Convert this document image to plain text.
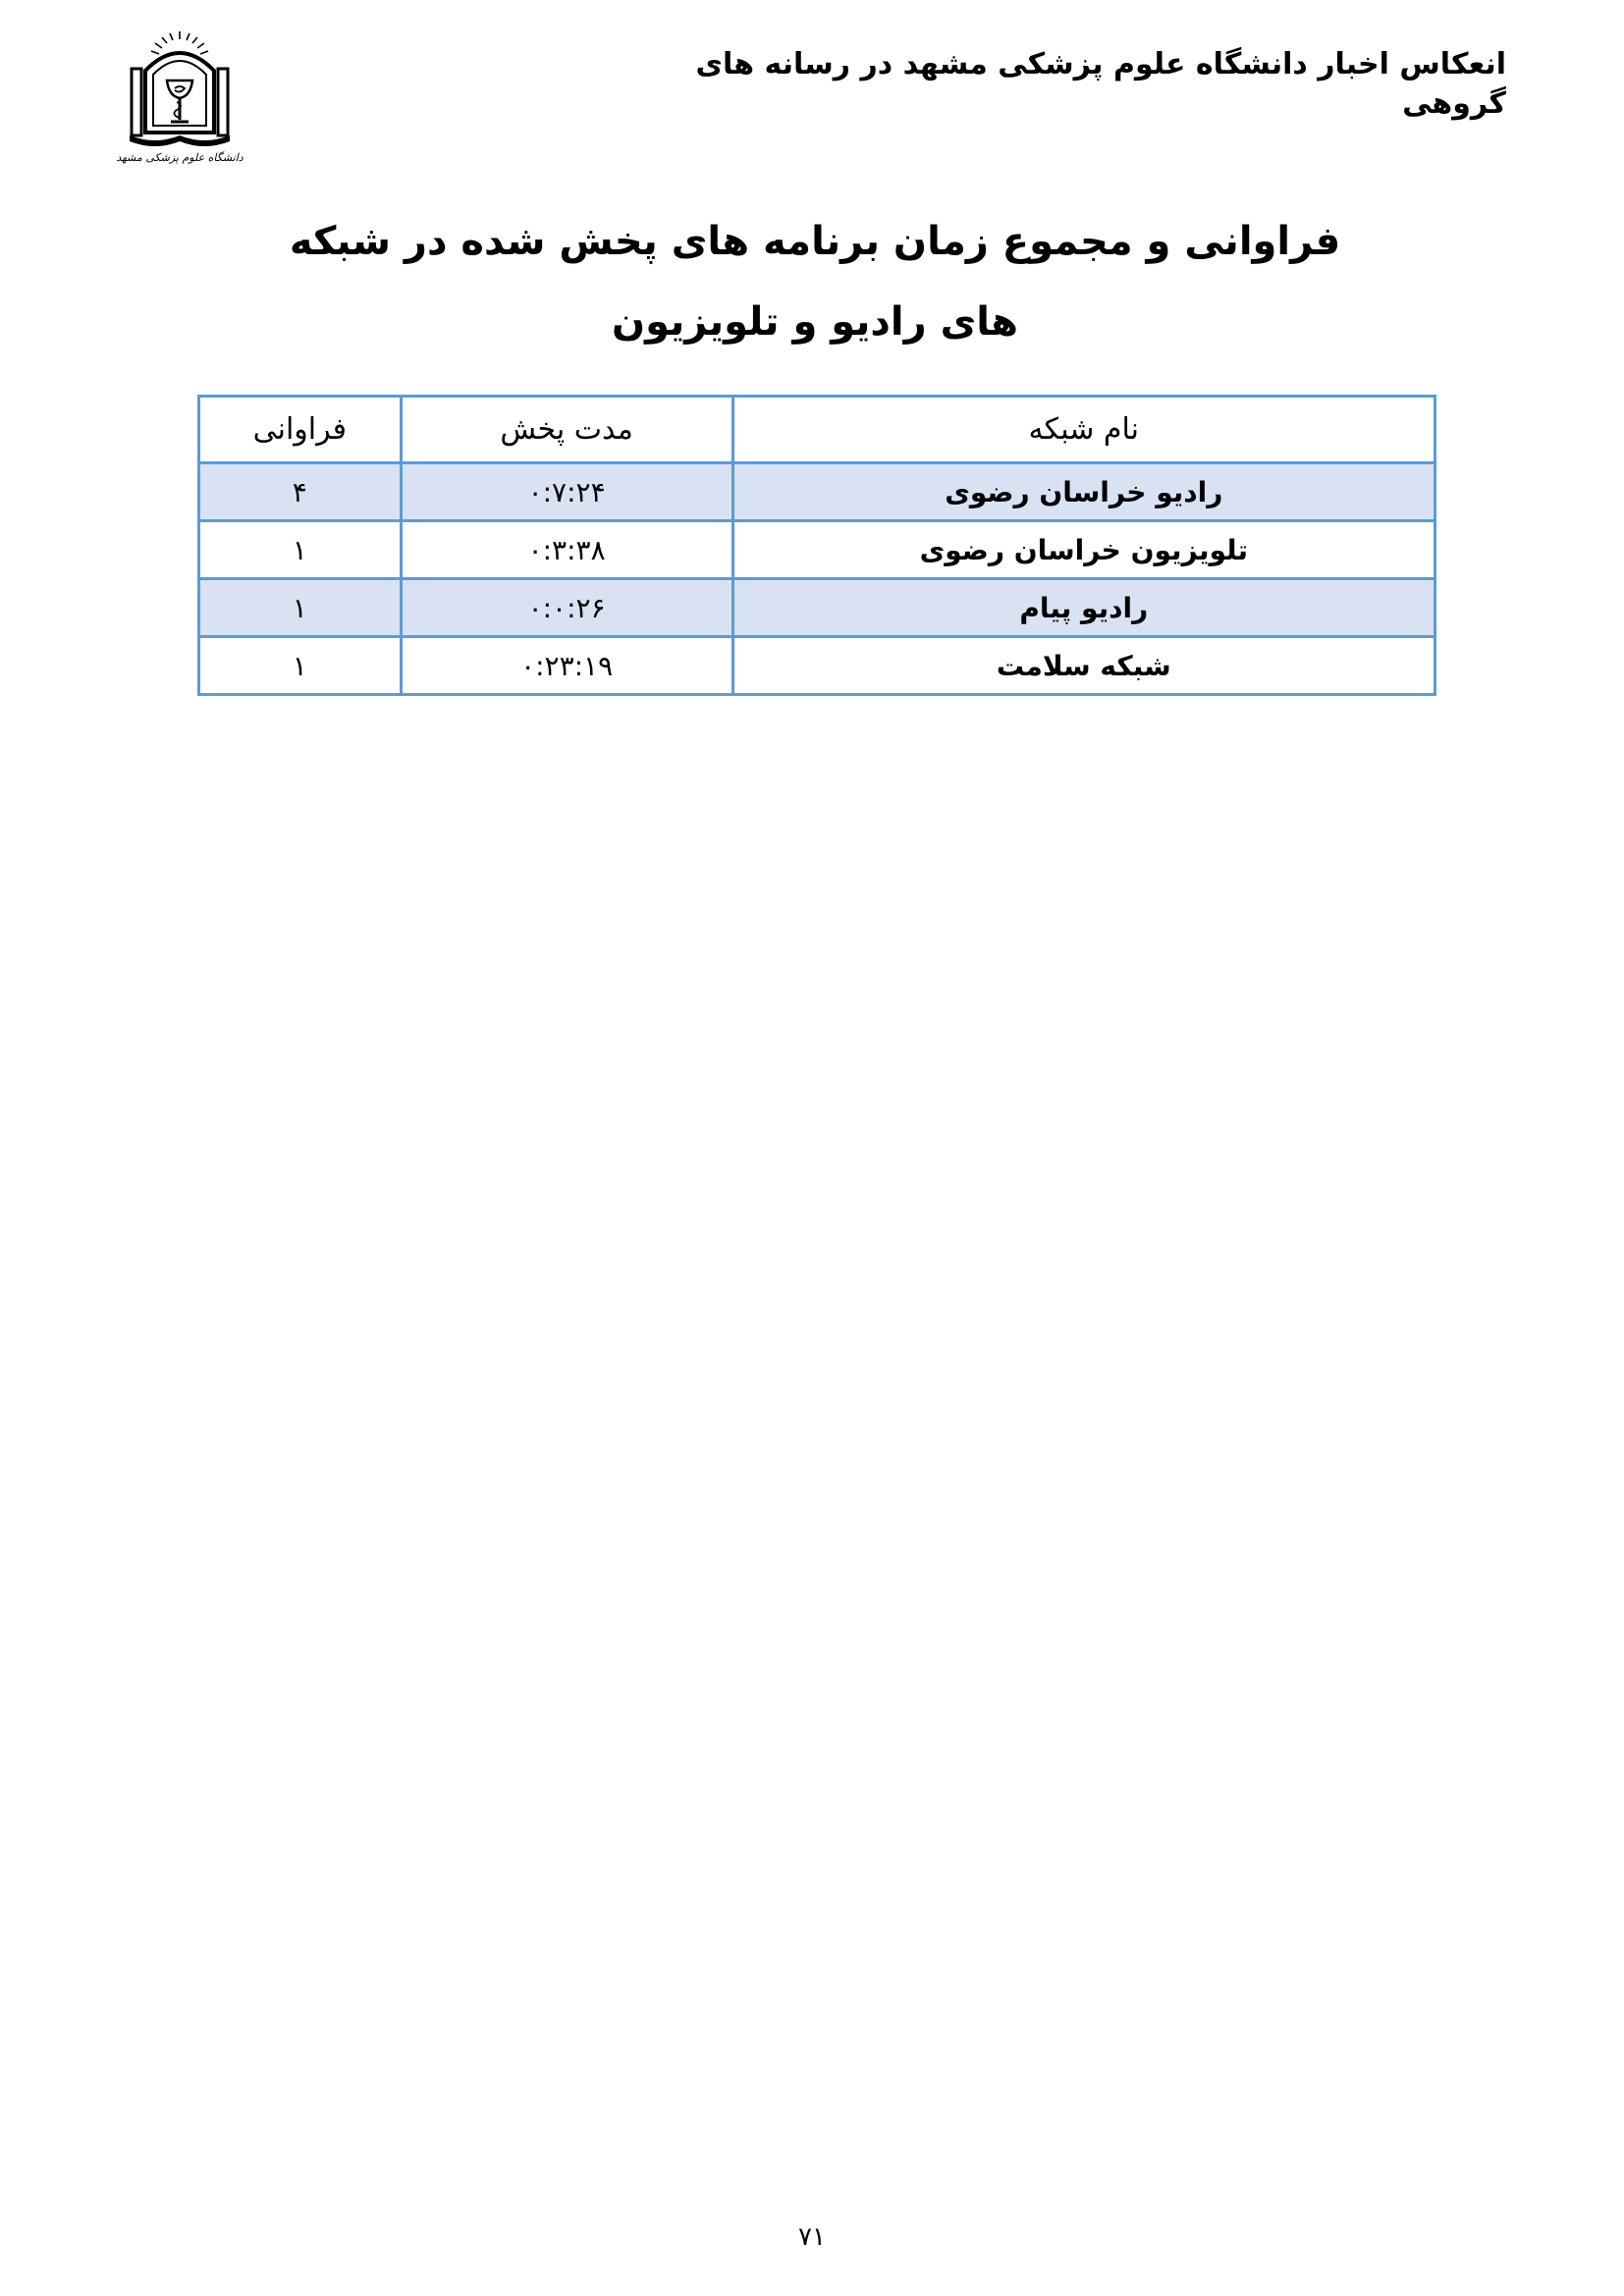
دانشگاه علوم پزشکی مشهد
انعکاس اخبار دانشگاه علوم پزشکی مشهد در رسانه های گروهی
فراوانی و مجموع زمان برنامه های پخش شده در شبکه های رادیو و تلویزیون
نام شبکه	مدت پخش	فراوانی
رادیو خراسان رضوی	۰:۷:۲۴	۴
تلویزیون خراسان رضوی	۰:۳:۳۸	۱
رادیو پیام	۰:۰:۲۶	۱
شبکه سلامت	۰:۲۳:۱۹	۱
۷۱
